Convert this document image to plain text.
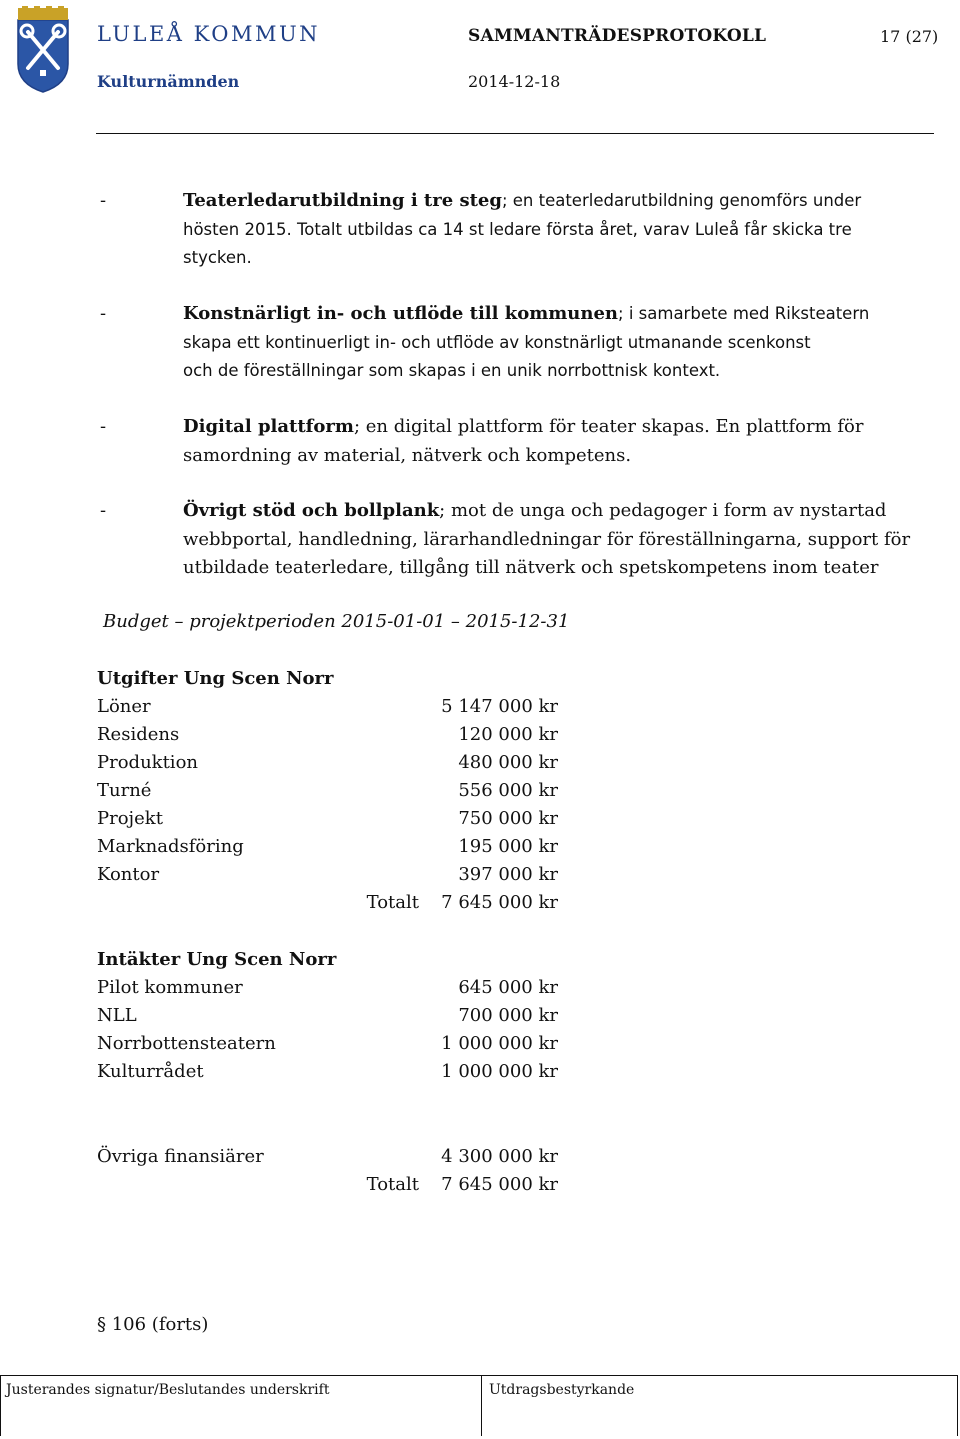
LULEÅ KOMMUN
Kulturnämnden
SAMMANTRÄDESPROTOKOLL
2014-12-18
17 (27)
-	Teaterledarutbildning i tre steg; en teaterledarutbildning genomförs under
hösten 2015. Totalt utbildas ca 14 st ledare första året, varav Luleå får skicka tre
stycken.
-	Konstnärligt in- och utflöde till kommunen; i samarbete med Riksteatern
skapa ett kontinuerligt in- och utflöde av konstnärligt utmanande scenkonst
och de föreställningar som skapas i en unik norrbottnisk kontext.
-	Digital plattform; en digital plattform för teater skapas. En plattform för
samordning av material, nätverk och kompetens.
-	Övrigt stöd och bollplank; mot de unga och pedagoger i form av nystartad
webbportal, handledning, lärarhandledningar för föreställningarna, support för
utbildade teaterledare, tillgång till nätverk och spetskompetens inom teater
Budget – projektperioden 2015-01-01 – 2015-12-31
Utgifter Ung Scen Norr
Löner	5 147 000 kr
Residens	120 000 kr
Produktion	480 000 kr
Turné	556 000 kr
Projekt	750 000 kr
Marknadsföring	195 000 kr
Kontor	397 000 kr
Totalt	7 645 000 kr
Intäkter Ung Scen Norr
Pilot kommuner	645 000 kr
NLL	700 000 kr
Norrbottensteatern	1 000 000 kr
Kulturrådet	1 000 000 kr
Övriga finansiärer	4 300 000 kr
Totalt	7 645 000 kr
§ 106 (forts)
Justerandes signatur/Beslutandes underskrift	Utdragsbestyrkande
